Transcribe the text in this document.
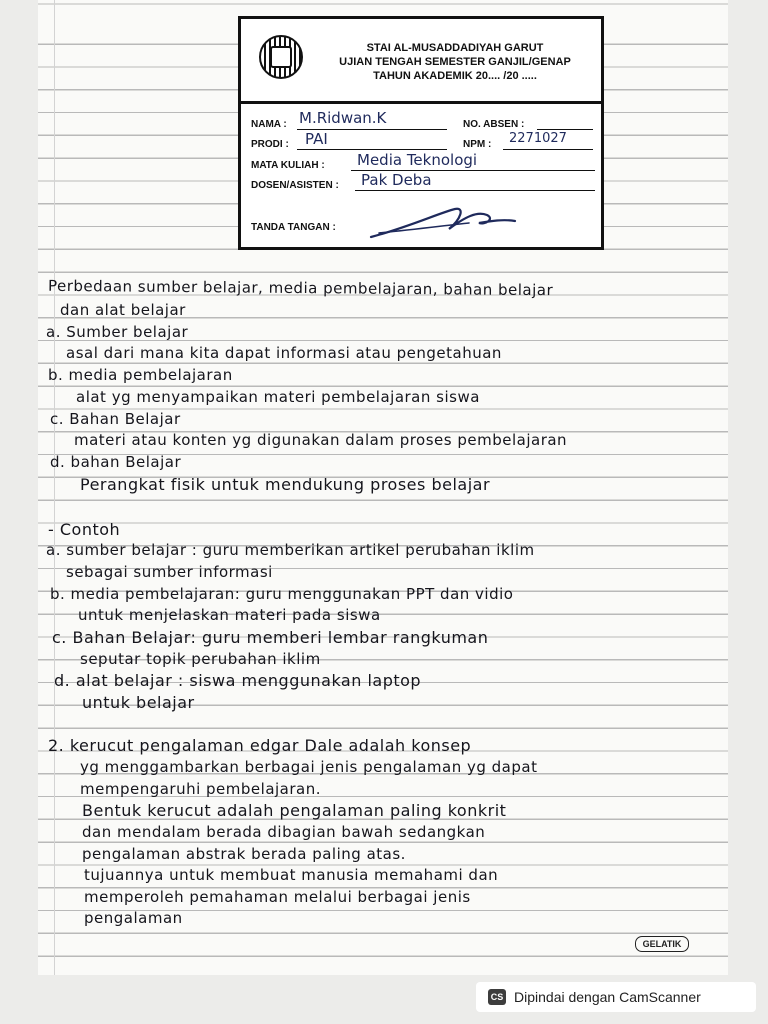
STAI AL-MUSADDADIYAH GARUT
UJIAN TENGAH SEMESTER GANJIL/GENAP
TAHUN AKADEMIK 20.... /20 .....
NAMA : M.Ridwan.K	NO. ABSEN :
PRODI :	PAI	NPM : 2271027
MATA KULIAH :	Media Teknologi
DOSEN/ASISTEN :	Pak Deba
TANDA TANGAN :
Perbedaan sumber belajar, media pembelajaran, bahan belajar
dan alat belajar
a. Sumber belajar
asal dari mana kita dapat informasi atau pengetahuan
b. media pembelajaran
alat yg menyampaikan materi pembelajaran siswa
c. Bahan Belajar
materi atau konten yg digunakan dalam proses pembelajaran
d. bahan Belajar
Perangkat fisik untuk mendukung proses belajar
- Contoh
a. sumber belajar : guru memberikan artikel perubahan iklim
sebagai sumber informasi
b. media pembelajaran: guru menggunakan PPT dan vidio
untuk menjelaskan materi pada siswa
c. Bahan Belajar: guru memberi lembar rangkuman
seputar topik perubahan iklim
d. alat belajar : siswa menggunakan laptop
untuk belajar
2. kerucut pengalaman edgar Dale adalah konsep
yg menggambarkan berbagai jenis pengalaman yg dapat
mempengaruhi pembelajaran.
Bentuk kerucut adalah pengalaman paling konkrit
dan mendalam berada dibagian bawah sedangkan
pengalaman abstrak berada paling atas.
tujuannya untuk membuat manusia memahami dan
memperoleh pemahaman melalui berbagai jenis
pengalaman
GELATIK
CS Dipindai dengan CamScanner
